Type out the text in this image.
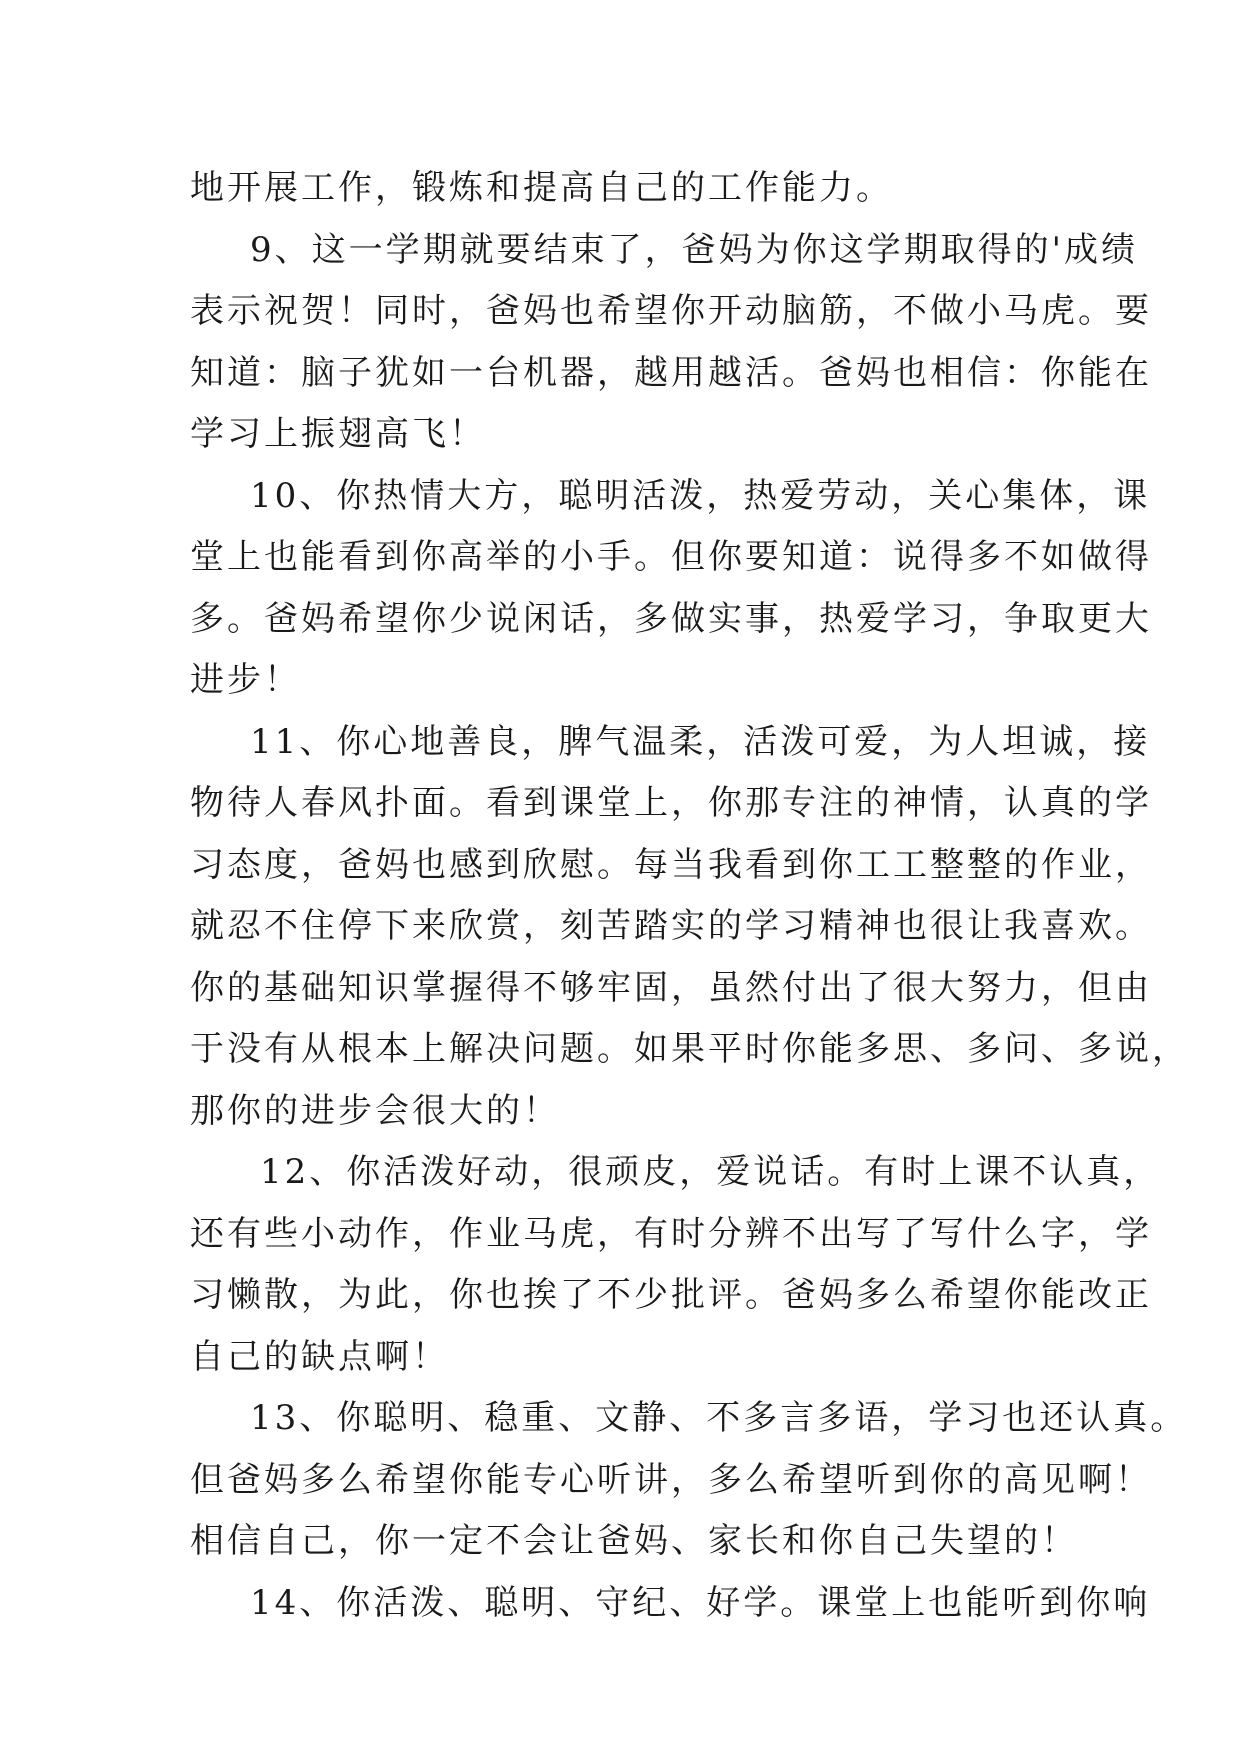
地开展工作，锻炼和提高自己的工作能力。
9、这一学期就要结束了，爸妈为你这学期取得的'成绩
表示祝贺！同时，爸妈也希望你开动脑筋，不做小马虎。要
知道：脑子犹如一台机器，越用越活。爸妈也相信：你能在
学习上振翅高飞！
10、你热情大方，聪明活泼，热爱劳动，关心集体，课
堂上也能看到你高举的小手。但你要知道：说得多不如做得
多。爸妈希望你少说闲话，多做实事，热爱学习，争取更大
进步！
11、你心地善良，脾气温柔，活泼可爱，为人坦诚，接
物待人春风扑面。看到课堂上，你那专注的神情，认真的学
习态度，爸妈也感到欣慰。每当我看到你工工整整的作业，
就忍不住停下来欣赏，刻苦踏实的学习精神也很让我喜欢。
你的基础知识掌握得不够牢固，虽然付出了很大努力，但由
于没有从根本上解决问题。如果平时你能多思、多问、多说，
那你的进步会很大的！
12、你活泼好动，很顽皮，爱说话。有时上课不认真，
还有些小动作，作业马虎，有时分辨不出写了写什么字，学
习懒散，为此，你也挨了不少批评。爸妈多么希望你能改正
自己的缺点啊！
13、你聪明、稳重、文静、不多言多语，学习也还认真。
但爸妈多么希望你能专心听讲，多么希望听到你的高见啊！
相信自己，你一定不会让爸妈、家长和你自己失望的！
14、你活泼、聪明、守纪、好学。课堂上也能听到你响
